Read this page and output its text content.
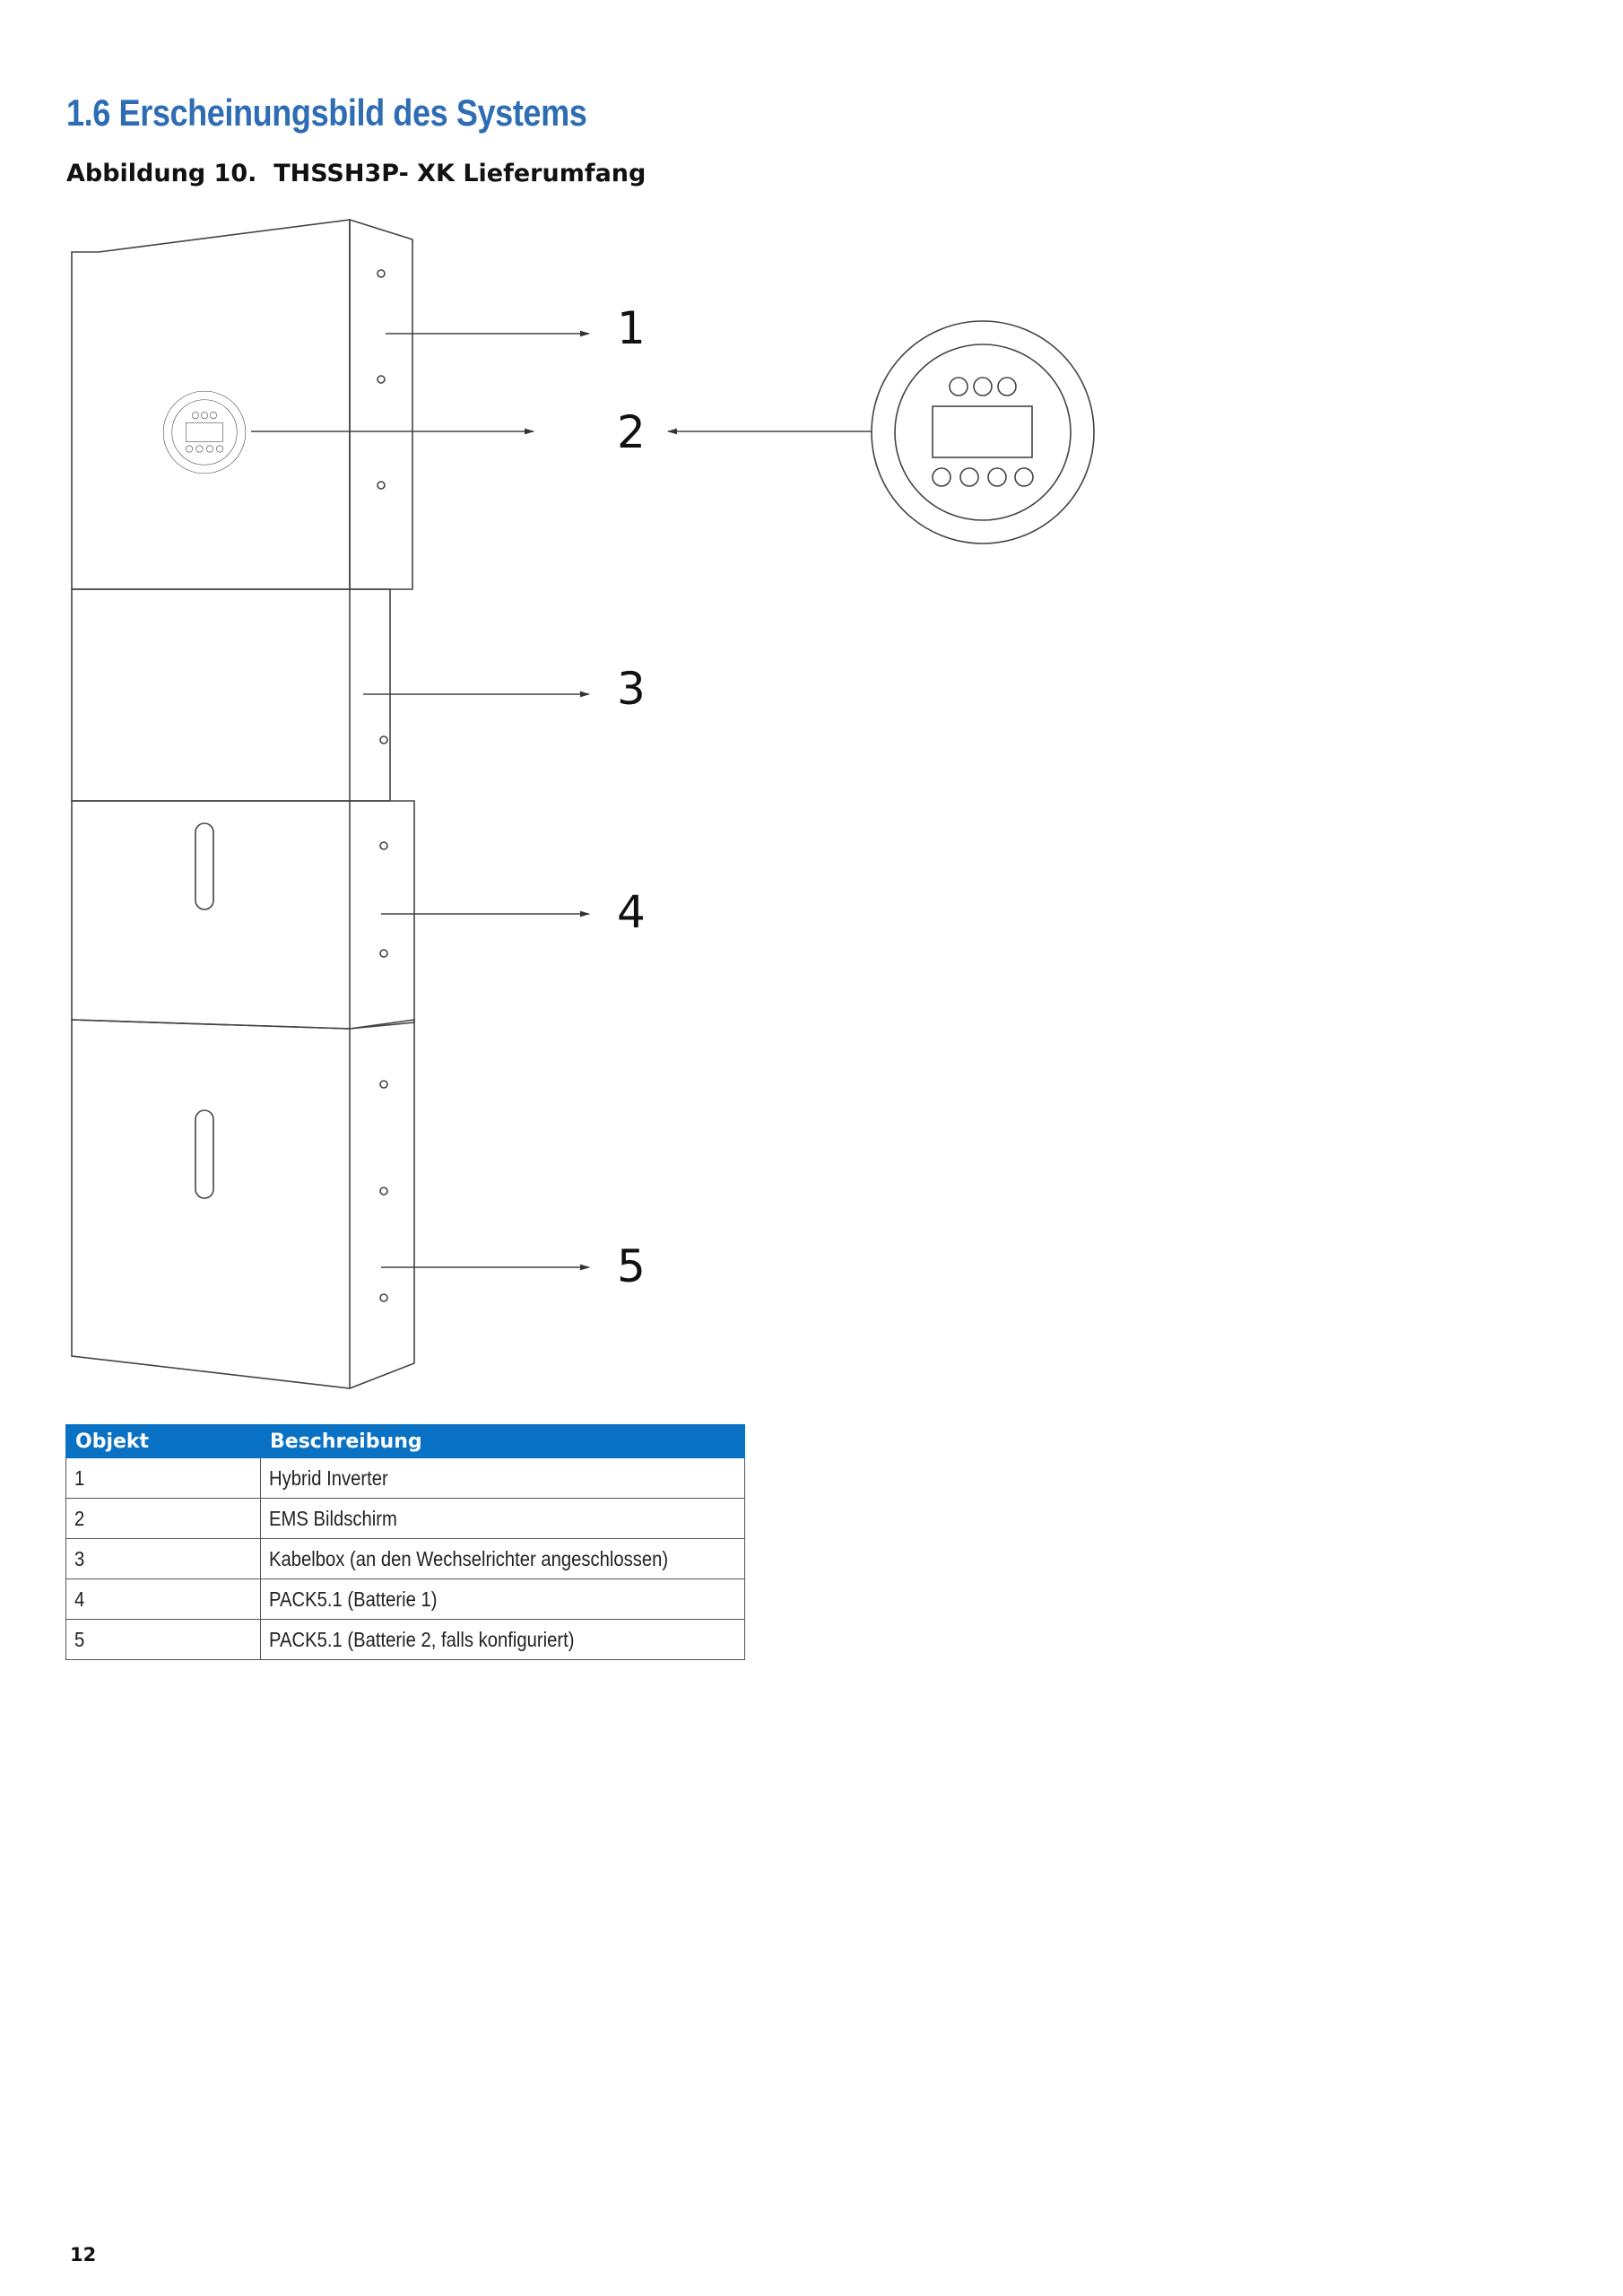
1.6 Erscheinungsbild des Systems

Abbildung 10.  THSSH3P- XK Lieferumfang

1
2
3
4
5
Objekt	Beschreibung
1	Hybrid Inverter
2	EMS Bildschirm
3	Kabelbox (an den Wechselrichter angeschlossen)
4	PACK5.1 (Batterie 1)
5	PACK5.1 (Batterie 2, falls konfiguriert)

12
